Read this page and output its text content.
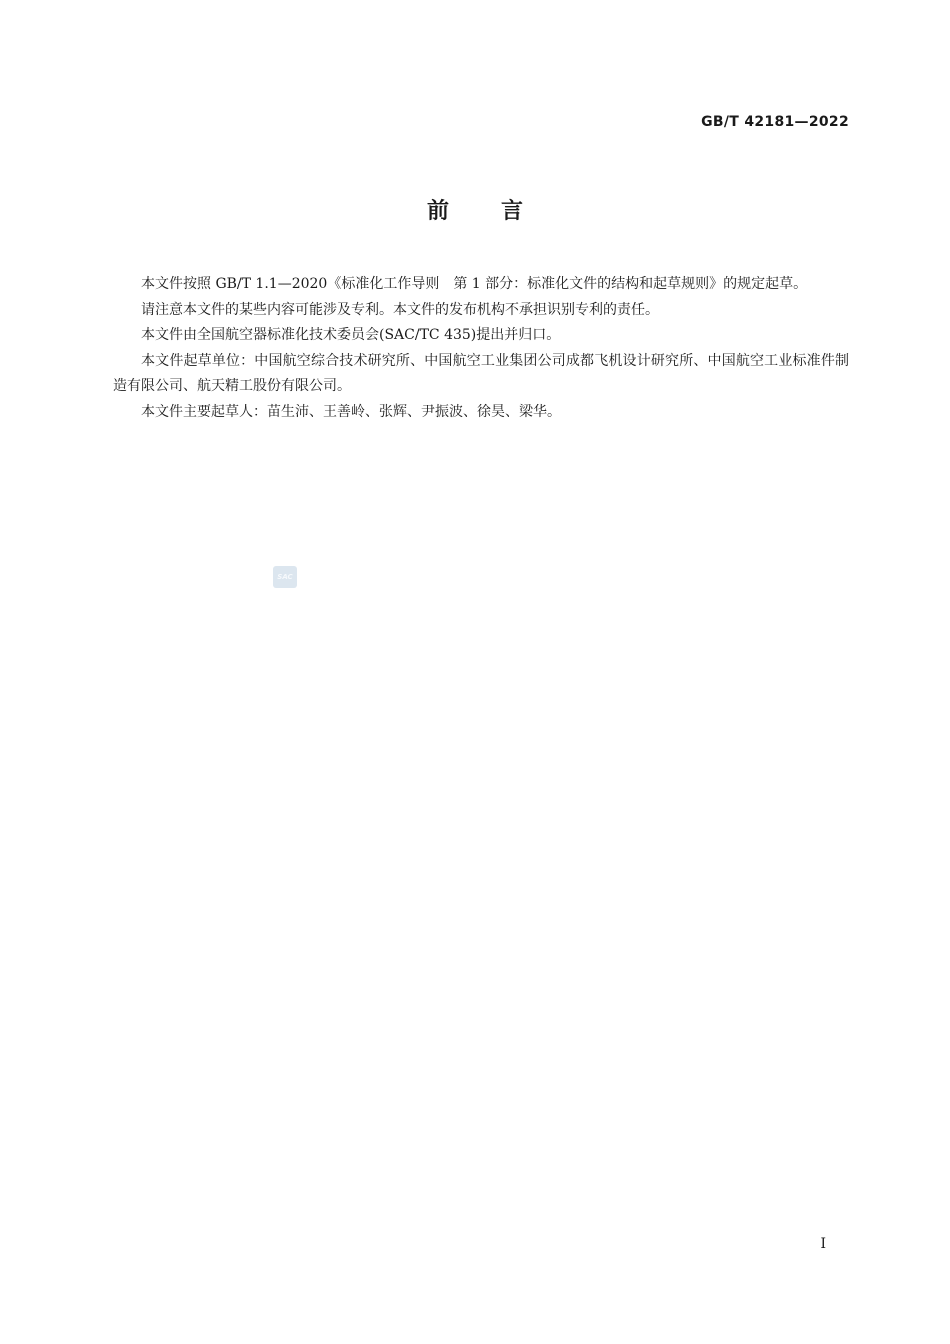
GB/T 42181—2022
前言

本文件按照 GB/T 1.1—2020《标准化工作导则　第 1 部分：标准化文件的结构和起草规则》的规定起草。

请注意本文件的某些内容可能涉及专利。本文件的发布机构不承担识别专利的责任。

本文件由全国航空器标准化技术委员会(SAC/TC 435)提出并归口。

本文件起草单位：中国航空综合技术研究所、中国航空工业集团公司成都飞机设计研究所、中国航空工业标准件制造有限公司、航天精工股份有限公司。

本文件主要起草人：苗生沛、王善岭、张辉、尹振波、徐昊、梁华。

SAC
I
